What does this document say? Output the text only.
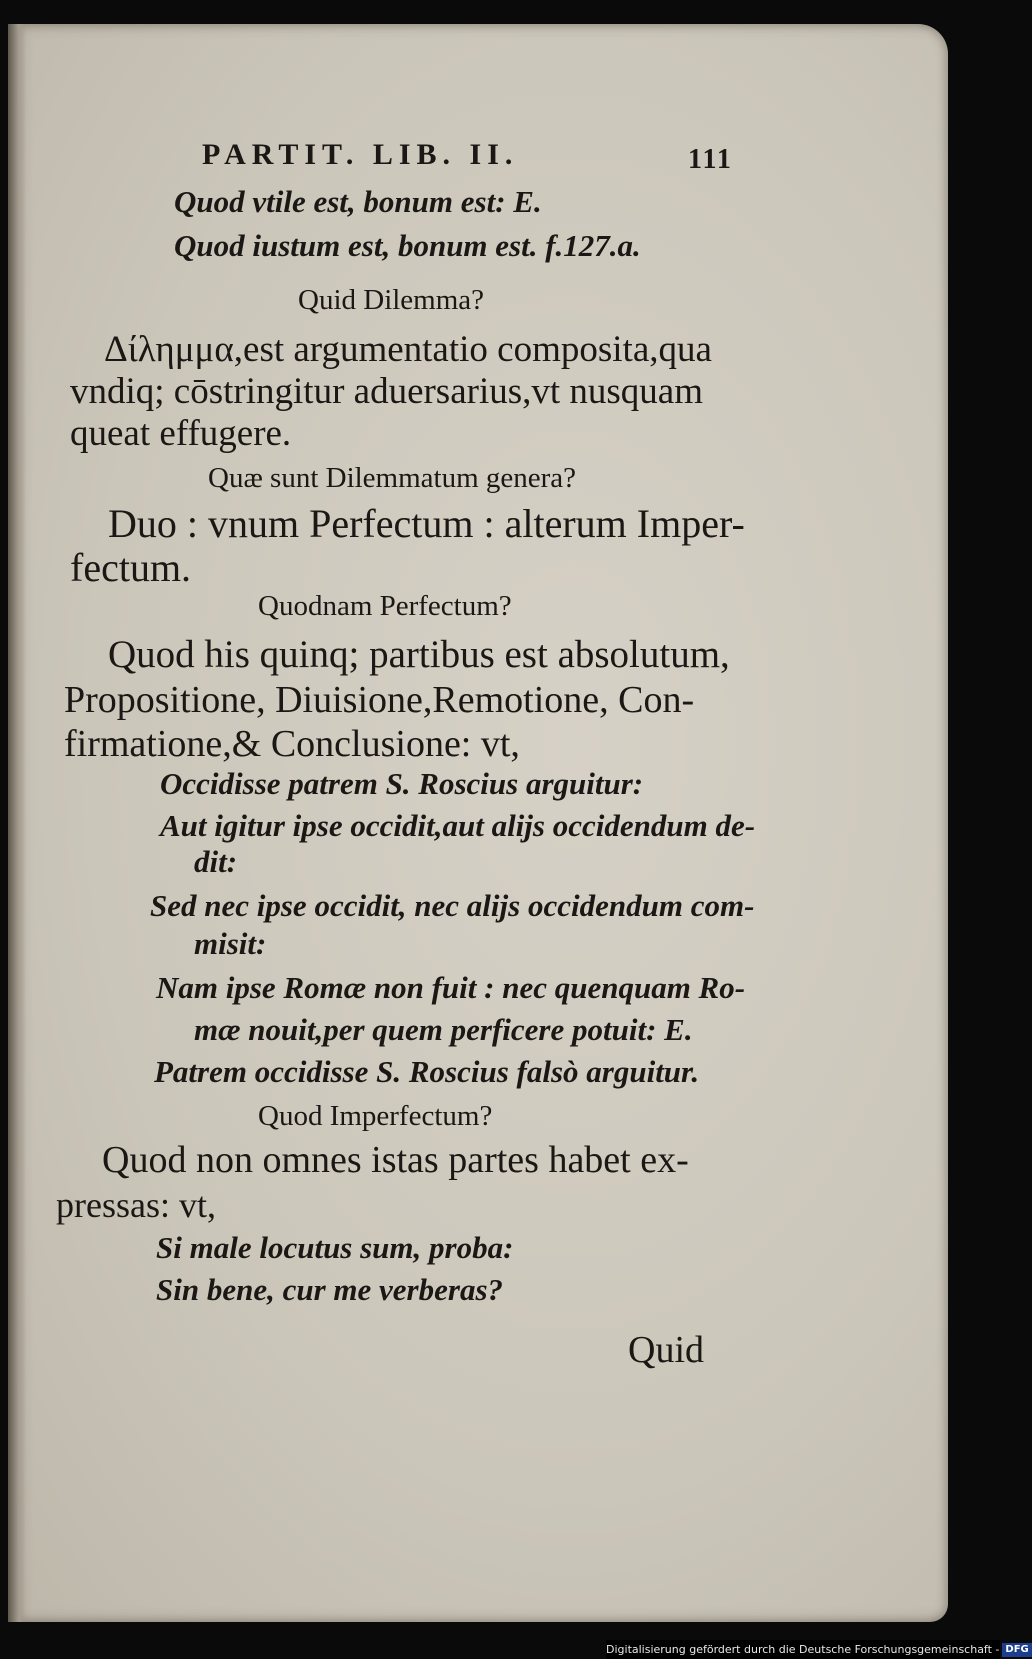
PARTIT. LIB. II.	111
Quod vtile est, bonum est: E.
Quod iustum est, bonum est. f.127.a.
Quid Dilemma?
Δίλημμα,est argumentatio composita,qua
vndiq; cōstringitur aduersarius,vt nusquam
queat effugere.
Quæ sunt Dilemmatum genera?
Duo : vnum Perfectum : alterum Imper-
fectum.
Quodnam Perfectum?
Quod his quinq; partibus est absolutum,
Propositione, Diuisione,Remotione, Con-
firmatione,& Conclusione: vt,
Occidisse patrem S. Roscius arguitur:
Aut igitur ipse occidit,aut alijs occidendum de-
dit:
Sed nec ipse occidit, nec alijs occidendum com-
misit:
Nam ipse Romæ non fuit : nec quenquam Ro-
mæ nouit,per quem perficere potuit: E.
Patrem occidisse S. Roscius falsò arguitur.
Quod Imperfectum?
Quod non omnes istas partes habet ex-
pressas: vt,
Si male locutus sum, proba:
Sin bene, cur me verberas?
Quid
Digitalisierung gefördert durch die Deutsche Forschungsgemeinschaft - DFG
